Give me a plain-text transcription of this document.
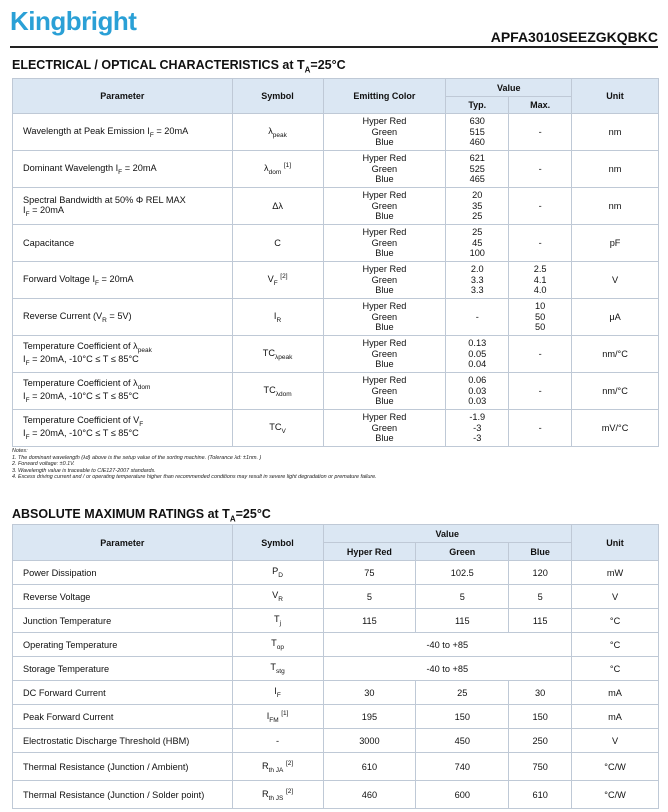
Kingbright
APFA3010SEEZGKQBKC
ELECTRICAL / OPTICAL CHARACTERISTICS at $T_A=25^\circ C$
Parameter	Symbol	Emitting Color	Value		Unit
			Typ.	Max.	
Wavelength at Peak Emission $I_F = 20mA$	$\lambda_{peak}$	Hyper Red
Green
Blue	630
515
460	-	nm
Dominant Wavelength $I_F = 20mA$	$\lambda_{dom}$ [1]	Hyper Red
Green
Blue	621
525
465	-	nm
Spectral Bandwidth at 50% Φ REL MAX
$I_F = 20mA$	Δλ	Hyper Red
Green
Blue	20
35
25	-	nm
Capacitance	C	Hyper Red
Green
Blue	25
45
100	-	pF
Forward Voltage $I_F = 20mA$	$V_F$ [2]	Hyper Red
Green
Blue	2.0
3.3
3.3	2.5
4.1
4.0	V
Reverse Current $(V_R = 5V)$	$I_R$	Hyper Red
Green
Blue	-	10
50
50	μA
Temperature Coefficient of $\lambda_{peak}$
$I_F = 20mA$, -10°C ≤ T ≤ 85°C	$TC_{\lambda peak}$	Hyper Red
Green
Blue	0.13
0.05
0.04	-	nm/°C
Temperature Coefficient of $\lambda_{dom}$
$I_F = 20mA$, -10°C ≤ T ≤ 85°C	$TC_{\lambda dom}$	Hyper Red
Green
Blue	0.06
0.03
0.03	-	nm/°C
Temperature Coefficient of $V_F$
$I_F = 20mA$, -10°C ≤ T ≤ 85°C	$TC_V$	Hyper Red
Green
Blue	-1.9
-3
-3	-	mV/°C
Notes:
1. The dominant wavelength (λd) above is the setup value of the sorting machine. (Tolerance λd: ±1nm. )
2. Forward voltage: ±0.1V.
3. Wavelength value is traceable to CIE127-2007 standards.
4. Excess driving current and / or operating temperature higher than recommended conditions may result in severe light degradation or premature failure.
ABSOLUTE MAXIMUM RATINGS at $T_A=25^\circ C$
Parameter	Symbol	Value			Unit
		Hyper Red	Green	Blue	
Power Dissipation	$P_D$	75	102.5	120	mW
Reverse Voltage	$V_R$	5	5	5	V
Junction Temperature	$T_j$	115	115	115	°C
Operating Temperature	$T_{op}$	-40 to +85			°C
Storage Temperature	$T_{stg}$	-40 to +85			°C
DC Forward Current	$I_F$	30	25	30	mA
Peak Forward Current	$I_{FM}$ [1]	195	150	150	mA
Electrostatic Discharge Threshold (HBM)	-	3000	450	250	V
Thermal Resistance (Junction / Ambient)	$R_{th JA}$ [2]	610	740	750	°C/W
Thermal Resistance (Junction / Solder point)	$R_{th JS}$ [2]	460	600	610	°C/W
